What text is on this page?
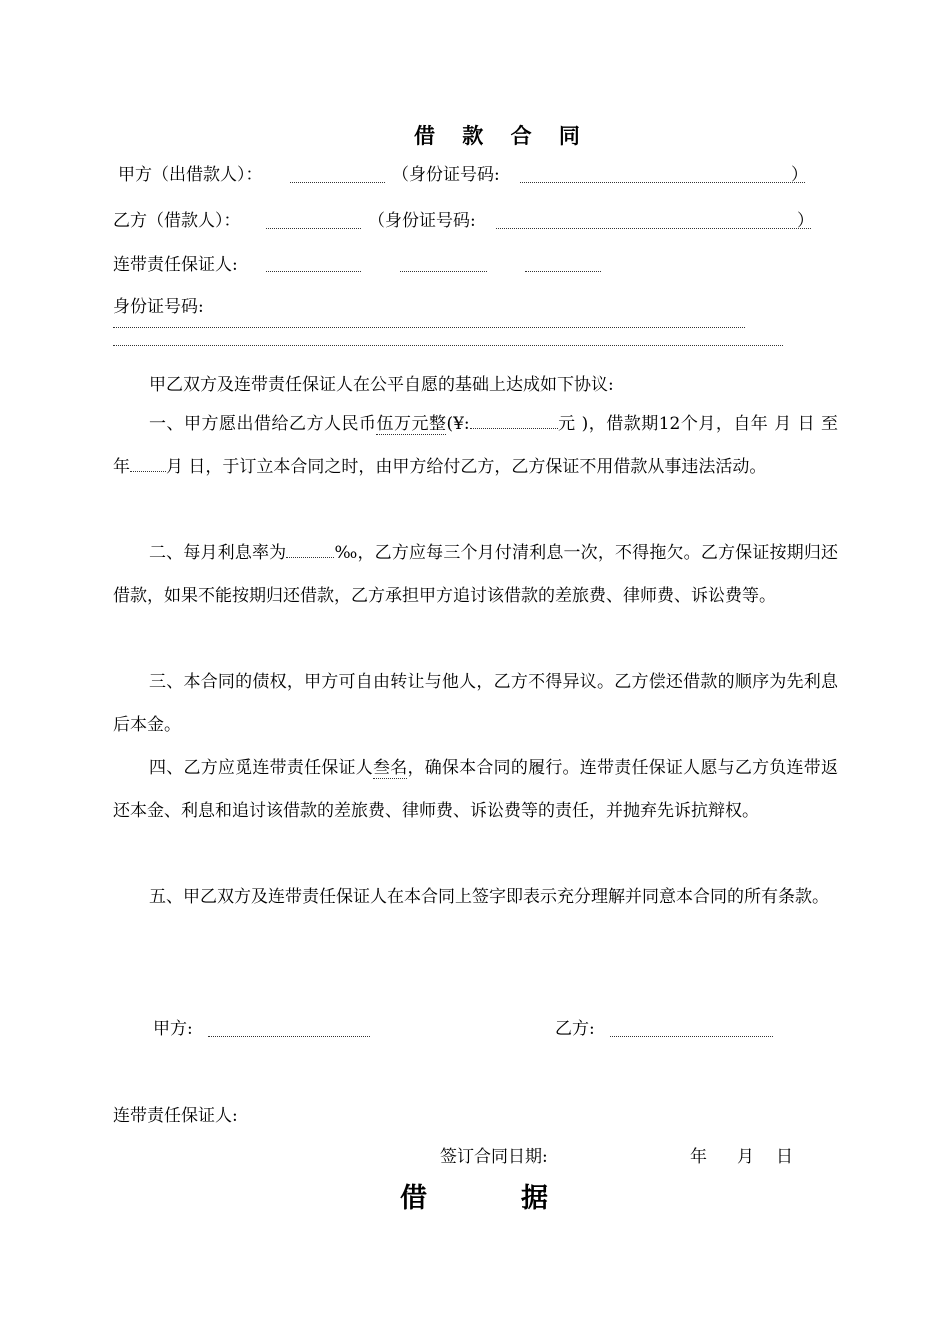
借 款 合 同
甲方（出借款人）：	（身份证号码:	）
乙方（借款人）：	（身份证号码:	）
连带责任保证人:
身份证号码:
甲乙双方及连带责任保证人在公平自愿的基础上达成如下协议:
一、甲方愿出借给乙方人民币伍万元整(¥:	元 )，借款期12个月，自年 月 日 至 年 月 日，于订立本合同之时，由甲方给付乙方，乙方保证不用借款从事违法活动。
二、每月利息率为	‰，乙方应每三个月付清利息一次，不得拖欠。乙方保证按期归还借款，如果不能按期归还借款，乙方承担甲方追讨该借款的差旅费、律师费、诉讼费等。
三、本合同的债权，甲方可自由转让与他人，乙方不得异议。乙方偿还借款的顺序为先利息后本金。
四、乙方应觅连带责任保证人叁名，确保本合同的履行。连带责任保证人愿与乙方负连带返还本金、利息和追讨该借款的差旅费、律师费、诉讼费等的责任，并抛弃先诉抗辩权。
五、甲乙双方及连带责任保证人在本合同上签字即表示充分理解并同意本合同的所有条款。
甲方:	乙方:
连带责任保证人:
签订合同日期:	年 月 日
借	据
